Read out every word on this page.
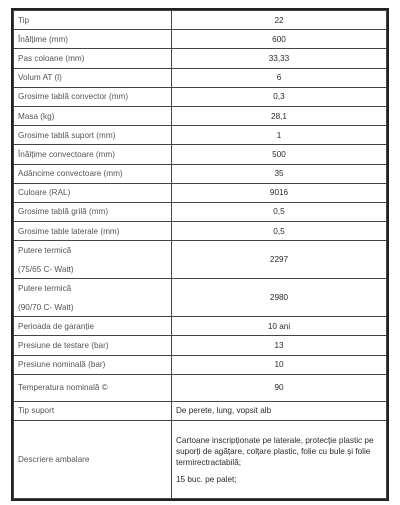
Tip	22
Înălțime (mm)	600
Pas coloane (mm)	33,33
Volum AT (l)	6
Grosime tablă convector (mm)	0,3
Masa (kg)	28,1
Grosime tablă suport (mm)	1
Înălțime convectoare (mm)	500
Adâncime convectoare (mm)	35
Culoare (RAL)	9016
Grosime tablă grilă (mm)	0,5
Grosime table laterale (mm)	0,5

Putere termică
(75/65 C- Watt)	2297

Putere termică
(90/70 C- Watt)	2980
Perioada de garanție	10 ani
Presiune de testare (bar)	13
Presiune nominală (bar)	10
Temperatura nominală ©	90
Tip suport	De perete, lung, vopsit alb
Descriere ambalare	Cartoane inscripționate pe laterale, protecție plastic pe suporți de agățare, colțare plastic, folie cu bule și folie termirectractabilă;

15 buc. pe palet;
